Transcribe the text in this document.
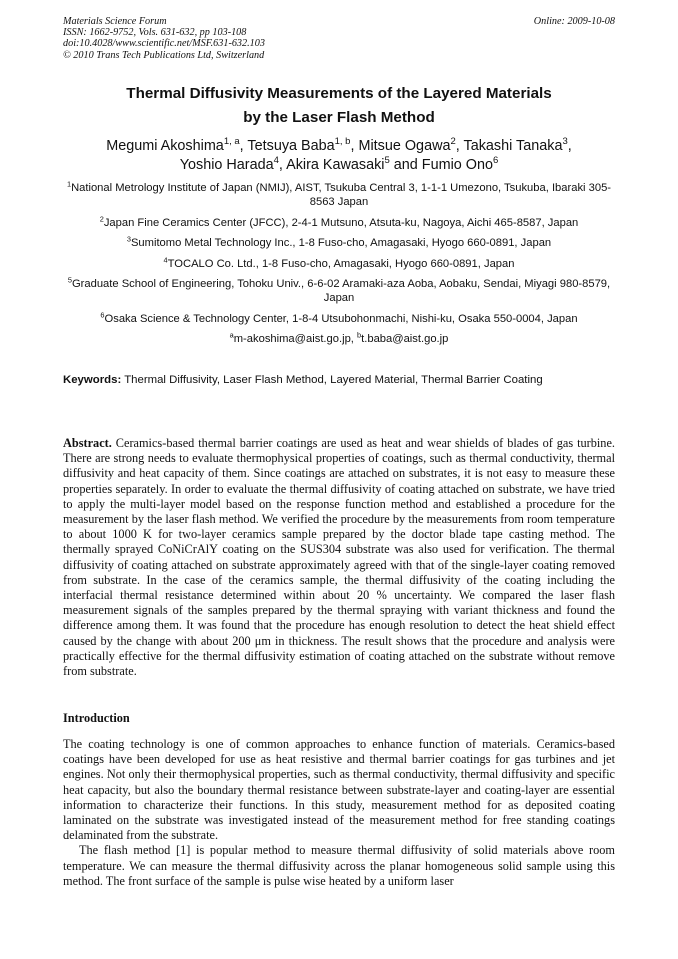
Materials Science Forum
ISSN: 1662-9752, Vols. 631-632, pp 103-108
doi:10.4028/www.scientific.net/MSF.631-632.103
© 2010 Trans Tech Publications Ltd, Switzerland
Online: 2009-10-08
Thermal Diffusivity Measurements of the Layered Materials
by the Laser Flash Method
Megumi Akoshima$^{1, a}$, Tetsuya Baba$^{1, b}$, Mitsue Ogawa$^2$, Takashi Tanaka$^3$,
Yoshio Harada$^4$, Akira Kawasaki$^5$ and Fumio Ono$^6$
$^1$National Metrology Institute of Japan (NMIJ), AIST, Tsukuba Central 3, 1-1-1 Umezono, Tsukuba, Ibaraki 305-8563 Japan
$^2$Japan Fine Ceramics Center (JFCC), 2-4-1 Mutsuno, Atsuta-ku, Nagoya, Aichi 465-8587, Japan
$^3$Sumitomo Metal Technology Inc., 1-8 Fuso-cho, Amagasaki, Hyogo 660-0891, Japan
$^4$TOCALO Co. Ltd., 1-8 Fuso-cho, Amagasaki, Hyogo 660-0891, Japan
$^5$Graduate School of Engineering, Tohoku Univ., 6-6-02 Aramaki-aza Aoba, Aobaku, Sendai, Miyagi 980-8579, Japan
$^6$Osaka Science & Technology Center, 1-8-4 Utsubohonmachi, Nishi-ku, Osaka 550-0004, Japan
$^a$m-akoshima@aist.go.jp, $^b$t.baba@aist.go.jp
Keywords: Thermal Diffusivity, Laser Flash Method, Layered Material, Thermal Barrier Coating
Abstract. Ceramics-based thermal barrier coatings are used as heat and wear shields of blades of gas turbine. There are strong needs to evaluate thermophysical properties of coatings, such as thermal conductivity, thermal diffusivity and heat capacity of them. Since coatings are attached on substrates, it is not easy to measure these properties separately. In order to evaluate the thermal diffusivity of coating attached on substrate, we have tried to apply the multi-layer model based on the response function method and established a procedure for the measurement by the laser flash method. We verified the procedure by the measurements from room temperature to about 1000 K for two-layer ceramics sample prepared by the doctor blade tape casting method. The thermally sprayed CoNiCrAlY coating on the SUS304 substrate was also used for verification. The thermal diffusivity of coating attached on substrate approximately agreed with that of the single-layer coating removed from substrate. In the case of the ceramics sample, the thermal diffusivity of the coating including the interfacial thermal resistance determined within about 20 % uncertainty. We compared the laser flash measurement signals of the samples prepared by the thermal spraying with variant thickness and found the difference among them. It was found that the procedure has enough resolution to detect the heat shield effect caused by the change with about 200 μm in thickness. The result shows that the procedure and analysis were practically effective for the thermal diffusivity estimation of coating attached on the substrate without remove from substrate.
Introduction

The coating technology is one of common approaches to enhance function of materials. Ceramics-based coatings have been developed for use as heat resistive and thermal barrier coatings for gas turbines and jet engines. Not only their thermophysical properties, such as thermal conductivity, thermal diffusivity and specific heat capacity, but also the boundary thermal resistance between substrate-layer and coating-layer are essential information to characterize their functions. In this study, measurement method for as deposited coating laminated on the substrate was investigated instead of the measurement method for free standing coatings delaminated from the substrate.

The flash method [1] is popular method to measure thermal diffusivity of solid materials above room temperature. We can measure the thermal diffusivity across the planar homogeneous solid sample using this method. The front surface of the sample is pulse wise heated by a uniform laser
